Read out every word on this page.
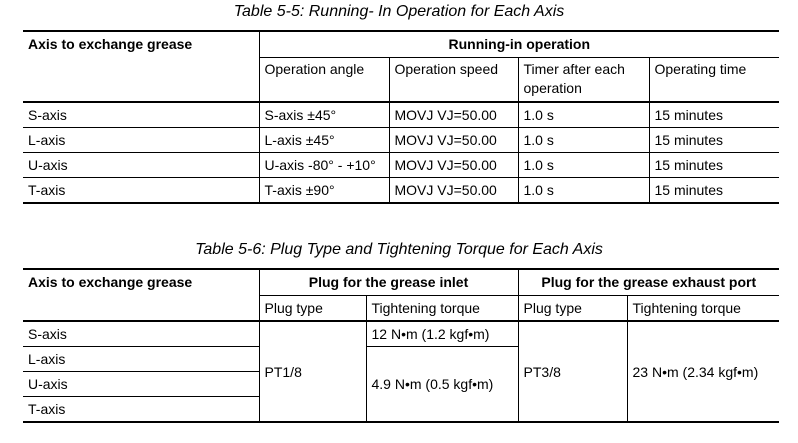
Table 5-5: Running- In Operation for Each Axis
Axis to exchange grease	Running-in operation			
	Operation angle	Operation speed	Timer after each operation	Operating time
S-axis	S-axis ±45°	MOVJ VJ=50.00	1.0 s	15 minutes
L-axis	L-axis ±45°	MOVJ VJ=50.00	1.0 s	15 minutes
U-axis	U-axis -80° - +10°	MOVJ VJ=50.00	1.0 s	15 minutes
T-axis	T-axis ±90°	MOVJ VJ=50.00	1.0 s	15 minutes
Table 5-6: Plug Type and Tightening Torque for Each Axis
Axis to exchange grease	Plug for the grease inlet		Plug for the grease exhaust port	
	Plug type	Tightening torque	Plug type	Tightening torque
S-axis	PT1/8	12 N•m (1.2 kgf•m)	PT3/8	23 N•m (2.34 kgf•m)
L-axis		4.9 N•m (0.5 kgf•m)		
U-axis				
T-axis				
